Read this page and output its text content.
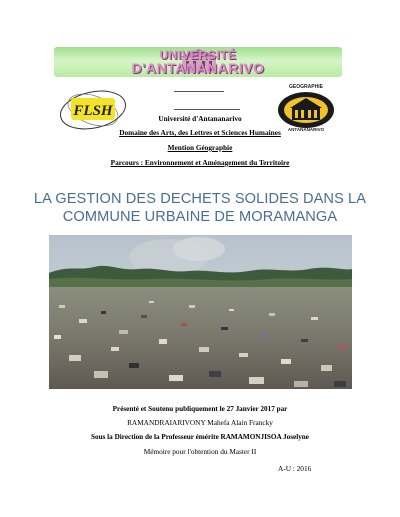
UNIVERSITÉ
D'ANTANANARIVO
FLSH
GEOGRAPHIE
ANTANANARIVO
Université d'Antananarivo
Domaine des Arts, des Lettres et Sciences Humaines
Mention Géographie
Parcours : Environnement et Aménagement du Territoire
LA GESTION DES DECHETS SOLIDES DANS LA
COMMUNE URBAINE DE MORAMANGA
Présenté et Soutenu publiquement le 27 Janvier 2017 par
RAMANDRAIARIVONY Mahefa Alain Francky
Sous la Direction de la Professeur émérite RAMAMONJISOA Joselyne
Mémoire pour l'obtention du Master II
A-U : 2016
